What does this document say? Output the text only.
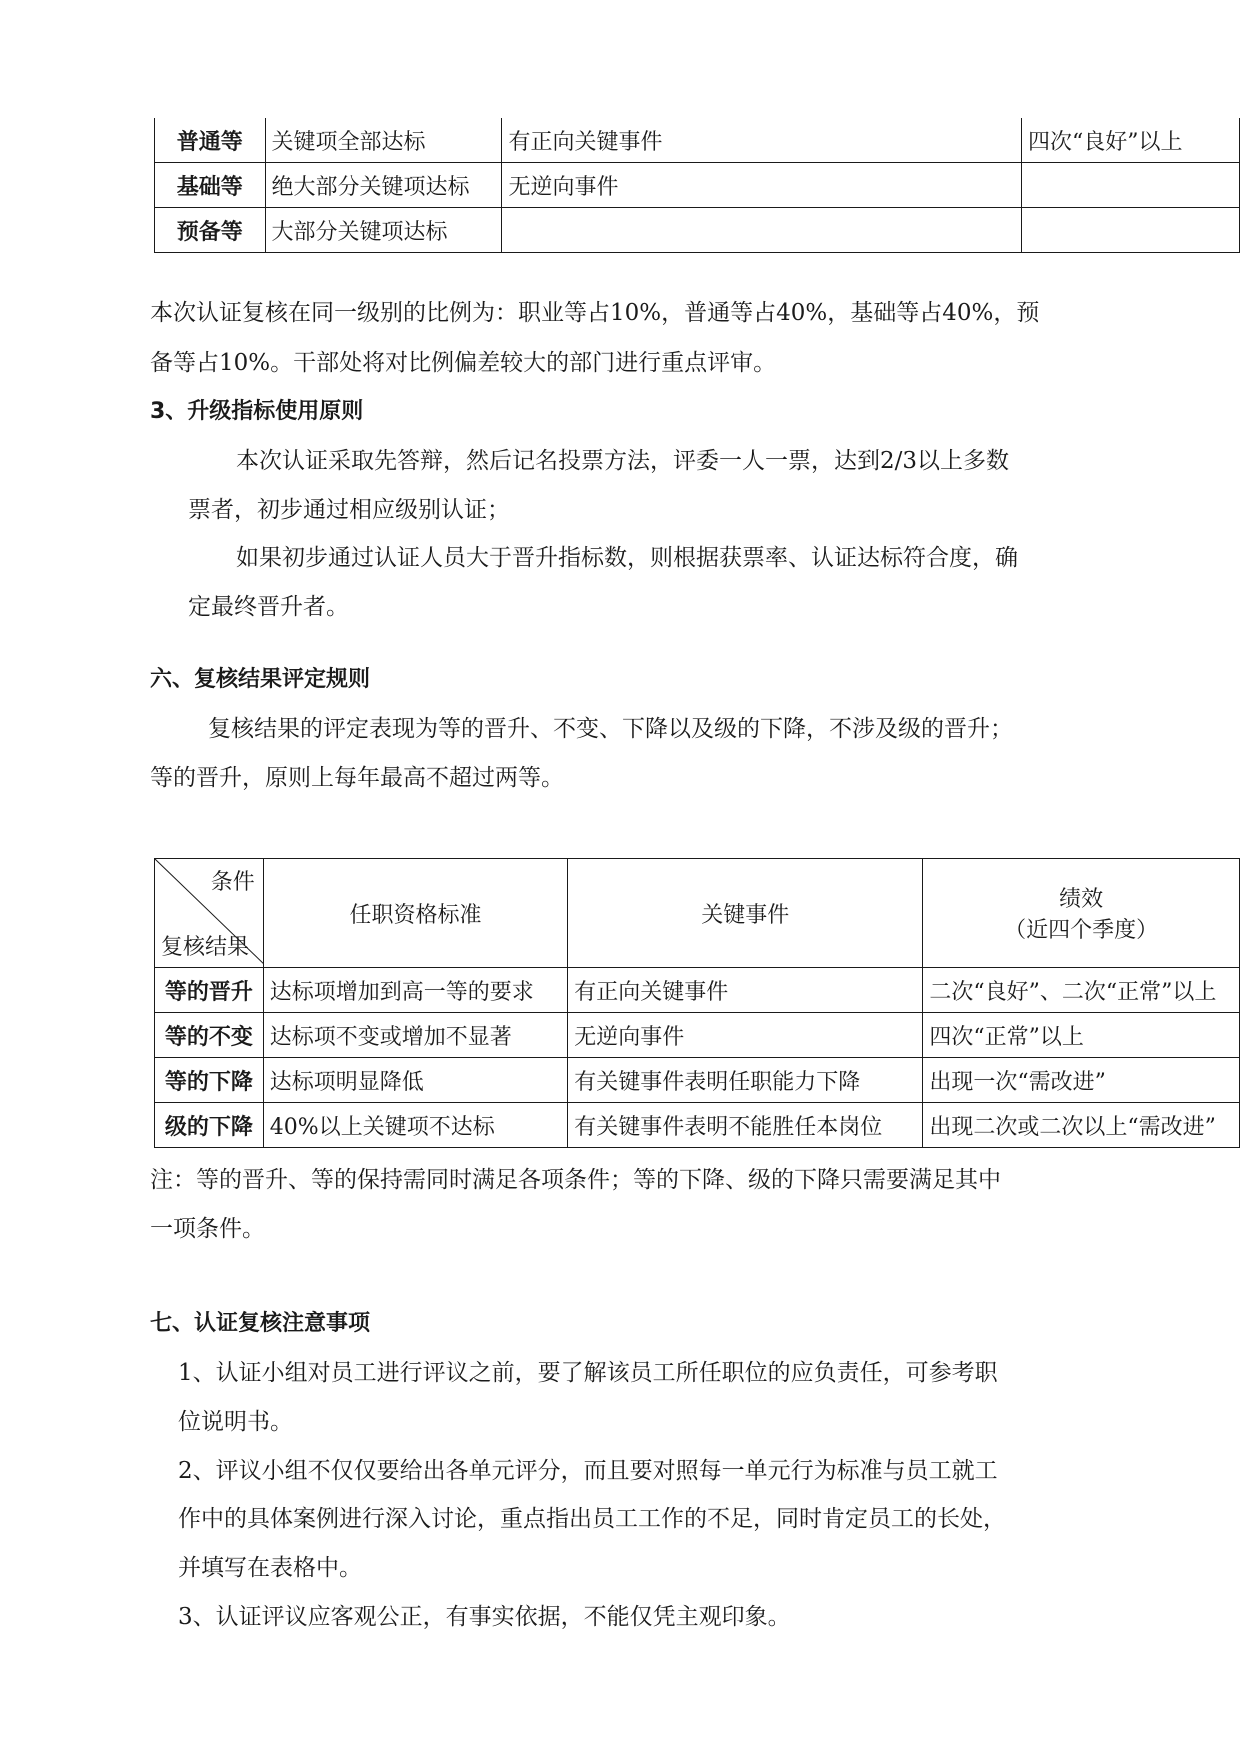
普通等	关键项全部达标	有正向关键事件	四次“良好”以上
基础等	绝大部分关键项达标	无逆向事件	
预备等	大部分关键项达标		
本次认证复核在同一级别的比例为：职业等占10%，普通等占40%，基础等占40%，预
备等占10%。干部处将对比例偏差较大的部门进行重点评审。
3、升级指标使用原则
本次认证采取先答辩，然后记名投票方法，评委一人一票，达到2/3以上多数
票者，初步通过相应级别认证；
如果初步通过认证人员大于晋升指标数，则根据获票率、认证达标符合度，确
定最终晋升者。
六、复核结果评定规则
复核结果的评定表现为等的晋升、不变、下降以及级的下降，不涉及级的晋升；
等的晋升，原则上每年最高不超过两等。
条件
复核结果	任职资格标准	关键事件	绩效
（近四个季度）

等的晋升	达标项增加到高一等的要求	有正向关键事件	二次“良好”、二次“正常”以上
等的不变	达标项不变或增加不显著	无逆向事件	四次“正常”以上
等的下降	达标项明显降低	有关键事件表明任职能力下降	出现一次“需改进”
级的下降	40%以上关键项不达标	有关键事件表明不能胜任本岗位	出现二次或二次以上“需改进”
注：等的晋升、等的保持需同时满足各项条件；等的下降、级的下降只需要满足其中
一项条件。
七、认证复核注意事项
1、认证小组对员工进行评议之前，要了解该员工所任职位的应负责任，可参考职
位说明书。
2、评议小组不仅仅要给出各单元评分，而且要对照每一单元行为标准与员工就工
作中的具体案例进行深入讨论，重点指出员工工作的不足，同时肯定员工的长处，
并填写在表格中。
3、认证评议应客观公正，有事实依据，不能仅凭主观印象。
